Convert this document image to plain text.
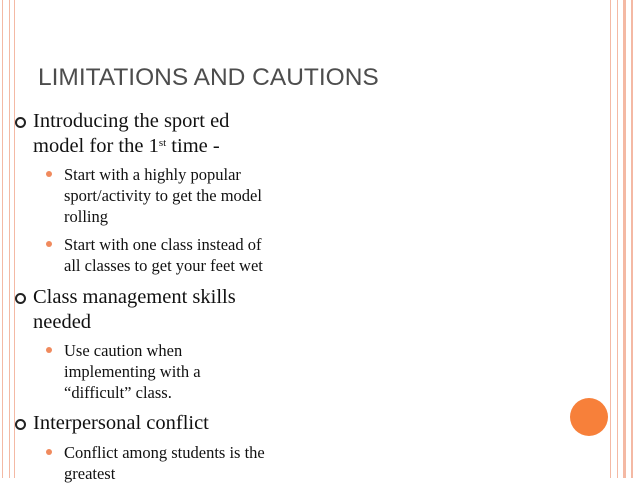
LIMITATIONS AND CAUTIONS
Introducing the sport ed
model for the 1st time -
Start with a highly popular
sport/activity to get the model
rolling
Start with one class instead of
all classes to get your feet wet
Class management skills
needed
Use caution when
implementing with a
“difficult” class.
Interpersonal conflict
Conflict among students is the
greatest
